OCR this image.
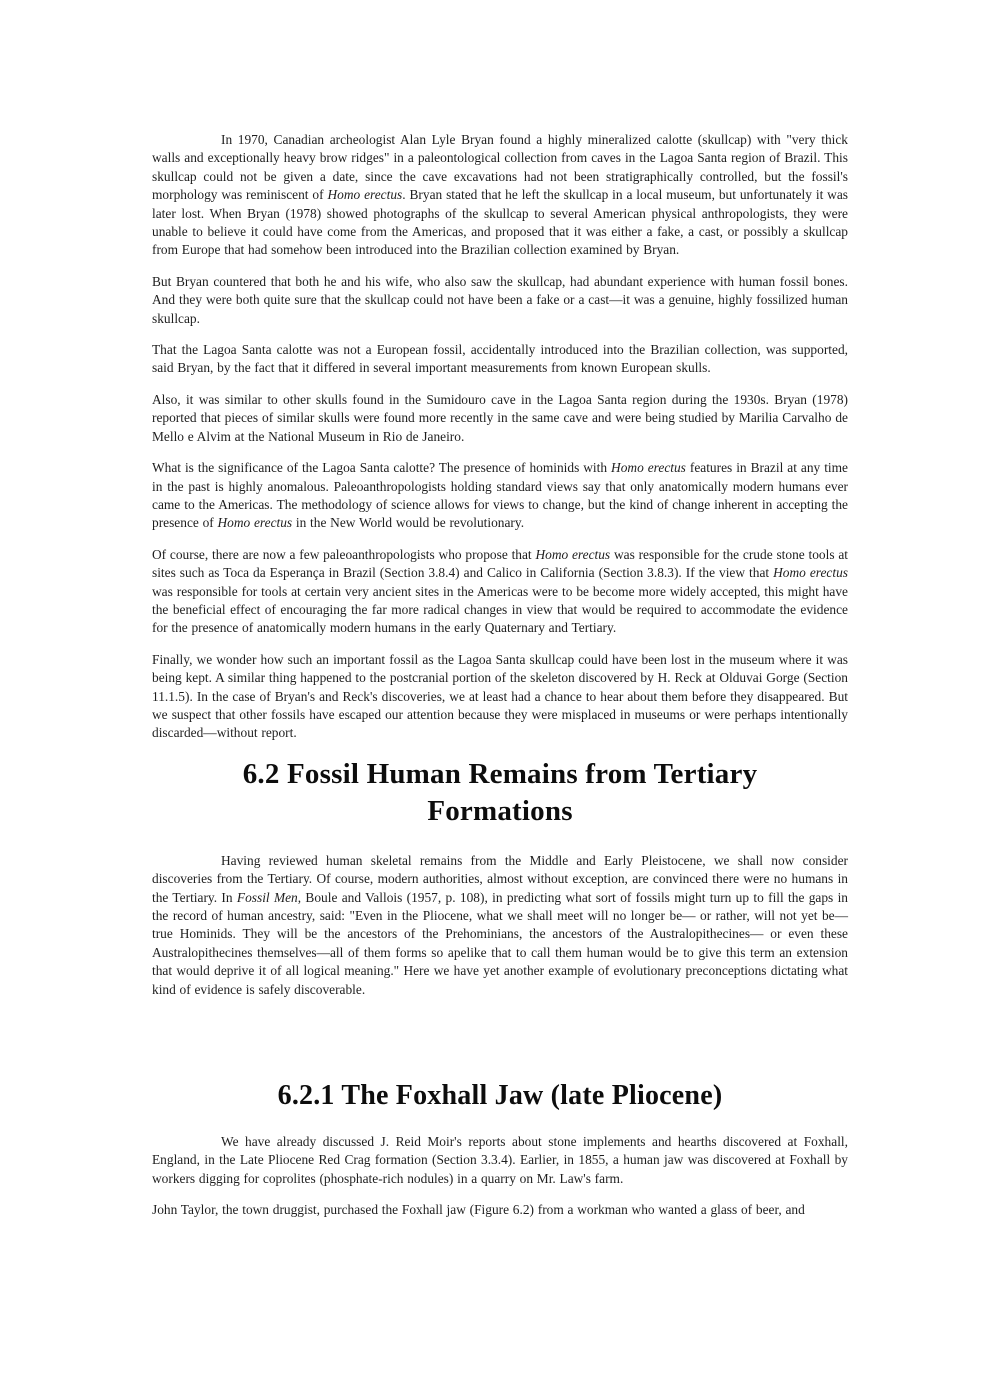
In 1970, Canadian archeologist Alan Lyle Bryan found a highly mineralized calotte (skullcap) with "very thick walls and exceptionally heavy brow ridges" in a paleontological collection from caves in the Lagoa Santa region of Brazil. This skullcap could not be given a date, since the cave excavations had not been stratigraphically controlled, but the fossil's morphology was reminiscent of Homo erectus. Bryan stated that he left the skullcap in a local museum, but unfortunately it was later lost. When Bryan (1978) showed photographs of the skullcap to several American physical anthropologists, they were unable to believe it could have come from the Americas, and proposed that it was either a fake, a cast, or possibly a skullcap from Europe that had somehow been introduced into the Brazilian collection examined by Bryan.

But Bryan countered that both he and his wife, who also saw the skullcap, had abundant experience with human fossil bones. And they were both quite sure that the skullcap could not have been a fake or a cast—it was a genuine, highly fossilized human skullcap.

That the Lagoa Santa calotte was not a European fossil, accidentally introduced into the Brazilian collection, was supported, said Bryan, by the fact that it differed in several important measurements from known European skulls.

Also, it was similar to other skulls found in the Sumidouro cave in the Lagoa Santa region during the 1930s. Bryan (1978) reported that pieces of similar skulls were found more recently in the same cave and were being studied by Marilia Carvalho de Mello e Alvim at the National Museum in Rio de Janeiro.

What is the significance of the Lagoa Santa calotte? The presence of hominids with Homo erectus features in Brazil at any time in the past is highly anomalous. Paleoanthropologists holding standard views say that only anatomically modern humans ever came to the Americas. The methodology of science allows for views to change, but the kind of change inherent in accepting the presence of Homo erectus in the New World would be revolutionary.

Of course, there are now a few paleoanthropologists who propose that Homo erectus was responsible for the crude stone tools at sites such as Toca da Esperança in Brazil (Section 3.8.4) and Calico in California (Section 3.8.3). If the view that Homo erectus was responsible for tools at certain very ancient sites in the Americas were to be become more widely accepted, this might have the beneficial effect of encouraging the far more radical changes in view that would be required to accommodate the evidence for the presence of anatomically modern humans in the early Quaternary and Tertiary.

Finally, we wonder how such an important fossil as the Lagoa Santa skullcap could have been lost in the museum where it was being kept. A similar thing happened to the postcranial portion of the skeleton discovered by H. Reck at Olduvai Gorge (Section 11.1.5). In the case of Bryan's and Reck's discoveries, we at least had a chance to hear about them before they disappeared. But we suspect that other fossils have escaped our attention because they were misplaced in museums or were perhaps intentionally discarded—without report.

6.2 Fossil Human Remains from Tertiary Formations

Having reviewed human skeletal remains from the Middle and Early Pleistocene, we shall now consider discoveries from the Tertiary. Of course, modern authorities, almost without exception, are convinced there were no humans in the Tertiary. In Fossil Men, Boule and Vallois (1957, p. 108), in predicting what sort of fossils might turn up to fill the gaps in the record of human ancestry, said: "Even in the Pliocene, what we shall meet will no longer be— or rather, will not yet be—true Hominids. They will be the ancestors of the Prehominians, the ancestors of the Australopithecines— or even these Australopithecines themselves—all of them forms so apelike that to call them human would be to give this term an extension that would deprive it of all logical meaning." Here we have yet another example of evolutionary preconceptions dictating what kind of evidence is safely discoverable.

6.2.1 The Foxhall Jaw (late Pliocene)

We have already discussed J. Reid Moir's reports about stone implements and hearths discovered at Foxhall, England, in the Late Pliocene Red Crag formation (Section 3.3.4). Earlier, in 1855, a human jaw was discovered at Foxhall by workers digging for coprolites (phosphate-rich nodules) in a quarry on Mr. Law's farm.

John Taylor, the town druggist, purchased the Foxhall jaw (Figure 6.2) from a workman who wanted a glass of beer, and
